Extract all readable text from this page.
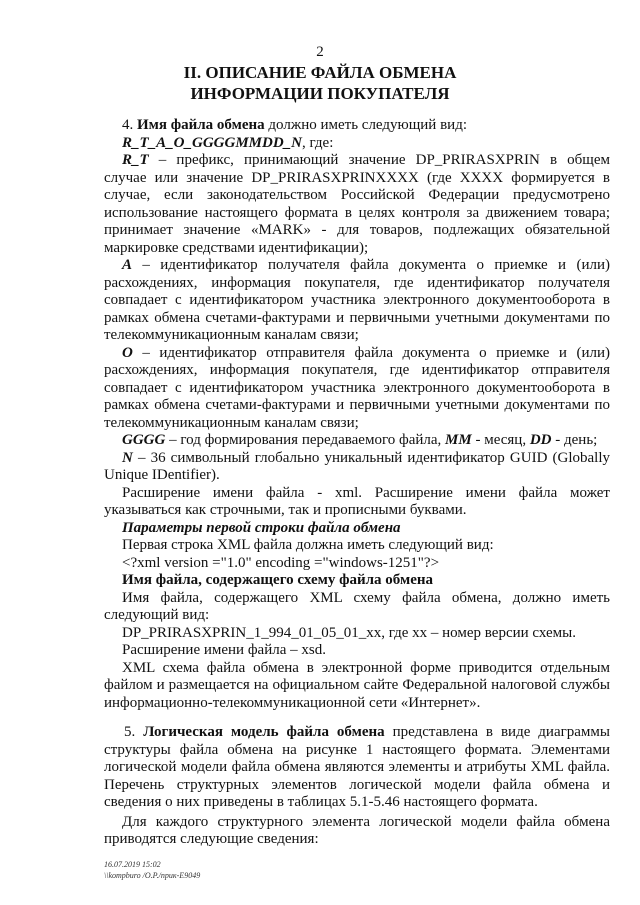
2
II. ОПИСАНИЕ ФАЙЛА ОБМЕНА
ИНФОРМАЦИИ ПОКУПАТЕЛЯ

4. Имя файла обмена должно иметь следующий вид:

R_T_A_O_GGGGMMDD_N, где:

R_T – префикс, принимающий значение DP_PRIRASXPRIN в общем случае или значение DP_PRIRASXPRINXXXX (где XXXX формируется в случае, если законодательством Российской Федерации предусмотрено использование настоящего формата в целях контроля за движением товара; принимает значение «MARK» - для товаров, подлежащих обязательной маркировке средствами идентификации);

A – идентификатор получателя файла документа о приемке и (или) расхождениях, информация покупателя, где идентификатор получателя совпадает с идентификатором участника электронного документооборота в рамках обмена счетами-фактурами и первичными учетными документами по телекоммуникационным каналам связи;

O – идентификатор отправителя файла документа о приемке и (или) расхождениях, информация покупателя, где идентификатор отправителя совпадает с идентификатором участника электронного документооборота в рамках обмена счетами-фактурами и первичными учетными документами по телекоммуникационным каналам связи;

GGGG – год формирования передаваемого файла, MM - месяц, DD - день;

N – 36 символьный глобально уникальный идентификатор GUID (Globally Unique IDentifier).

Расширение имени файла - xml. Расширение имени файла может указываться как строчными, так и прописными буквами.

Параметры первой строки файла обмена

Первая строка XML файла должна иметь следующий вид:

<?xml version ="1.0" encoding ="windows-1251"?>

Имя файла, содержащего схему файла обмена

Имя файла, содержащего XML схему файла обмена, должно иметь следующий вид:

DP_PRIRASXPRIN_1_994_01_05_01_xx, где xx – номер версии схемы.

Расширение имени файла – xsd.

XML схема файла обмена в электронной форме приводится отдельным файлом и размещается на официальном сайте Федеральной налоговой службы информационно-телекоммуникационной сети «Интернет».

5. Логическая модель файла обмена представлена в виде диаграммы структуры файла обмена на рисунке 1 настоящего формата. Элементами логической модели файла обмена являются элементы и атрибуты XML файла. Перечень структурных элементов логической модели файла обмена и сведения о них приведены в таблицах 5.1-5.46 настоящего формата.

Для каждого структурного элемента логической модели файла обмена приводятся следующие сведения:

16.07.2019 15:02
\\kompburo /О.Р./прик-Е9049
